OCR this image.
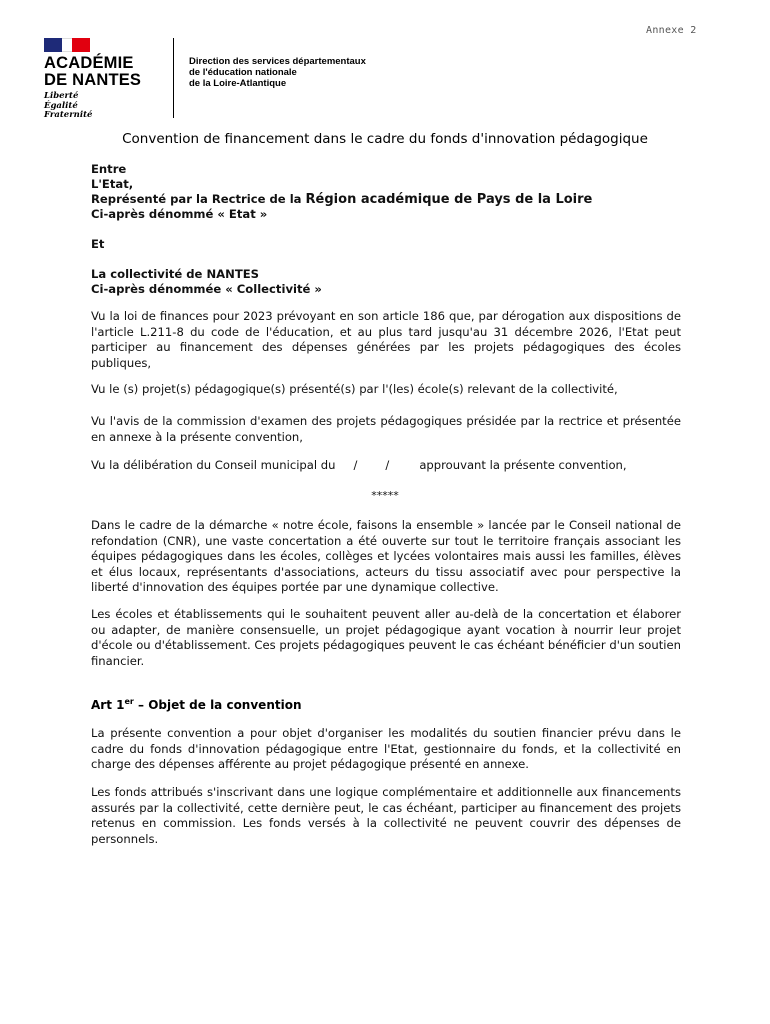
Annexe 2
ACADÉMIE
DE NANTES
Liberté
Égalité
Fraternité
Direction des services départementaux
de l'éducation nationale
de la Loire-Atlantique
Convention de financement dans le cadre du fonds d'innovation pédagogique
Entre
L'Etat,
Représenté par la Rectrice de la Région académique de Pays de la Loire
Ci-après dénommé « Etat »
Et
La collectivité de NANTES
Ci-après dénommée « Collectivité »
Vu la loi de finances pour 2023 prévoyant en son article 186 que, par dérogation aux dispositions de l'article L.211-8 du code de l'éducation, et au plus tard jusqu'au 31 décembre 2026, l'Etat peut participer au financement des dépenses générées par les projets pédagogiques des écoles publiques,
Vu le (s) projet(s) pédagogique(s) présenté(s) par l'(les) école(s) relevant de la collectivité,
Vu l'avis de la commission d'examen des projets pédagogiques présidée par la rectrice et présentée en annexe à la présente convention,
Vu la délibération du Conseil municipal du / /	approuvant la présente convention,
*****
Dans le cadre de la démarche « notre école, faisons la ensemble » lancée par le Conseil national de refondation (CNR), une vaste concertation a été ouverte sur tout le territoire français associant les équipes pédagogiques dans les écoles, collèges et lycées volontaires mais aussi les familles, élèves et élus locaux, représentants d'associations, acteurs du tissu associatif avec pour perspective la liberté d'innovation des équipes portée par une dynamique collective.
Les écoles et établissements qui le souhaitent peuvent aller au-delà de la concertation et élaborer ou adapter, de manière consensuelle, un projet pédagogique ayant vocation à nourrir leur projet d'école ou d'établissement. Ces projets pédagogiques peuvent le cas échéant bénéficier d'un soutien financier.
Art 1er – Objet de la convention
La présente convention a pour objet d'organiser les modalités du soutien financier prévu dans le cadre du fonds d'innovation pédagogique entre l'Etat, gestionnaire du fonds, et la collectivité en charge des dépenses afférente au projet pédagogique présenté en annexe.
Les fonds attribués s'inscrivant dans une logique complémentaire et additionnelle aux financements assurés par la collectivité, cette dernière peut, le cas échéant, participer au financement des projets retenus en commission. Les fonds versés à la collectivité ne peuvent couvrir des dépenses de personnels.
